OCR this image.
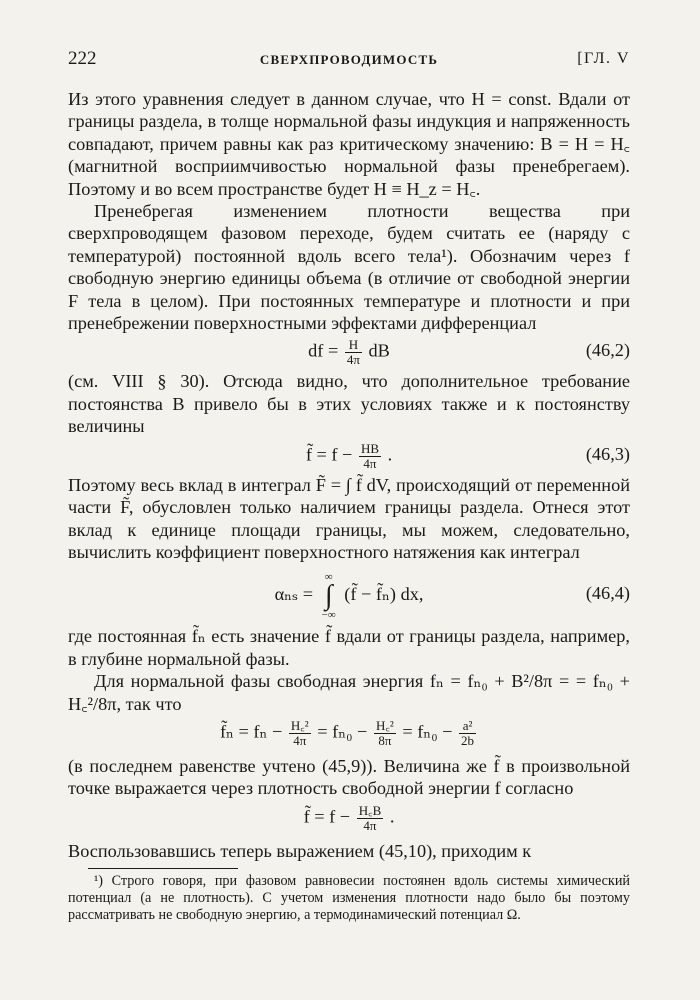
222	СВЕРХПРОВОДИМОСТЬ	[ГЛ. V

Из этого уравнения следует в данном случае, что H = const. Вдали от границы раздела, в толще нормальной фазы индукция и напряженность совпадают, причем равны как раз критическому значению: B = H = H꜀ (магнитной восприимчивостью нормальной фазы пренебрегаем). Поэтому и во всем пространстве будет H ≡ H_z = H꜀.

Пренебрегая изменением плотности вещества при сверхпроводящем фазовом переходе, будем считать ее (наряду с температурой) постоянной вдоль всего тела¹). Обозначим через f свободную энергию единицы объема (в отличие от свободной энергии F тела в целом). При постоянных температуре и плотности и при пренебрежении поверхностными эффектами дифференциал

df = $\frac{H}{4\pi}$ dB	(46,2)

(см. VIII § 30). Отсюда видно, что дополнительное требование постоянства B привело бы в этих условиях также и к постоянству величины

f̃ = $f - \frac{HB}{4\pi}$ .	(46,3)

Поэтому весь вклад в интеграл F̃ = ∫ f̃ dV, происходящий от переменной части F̃, обусловлен только наличием границы раздела. Отнеся этот вклад к единице площади границы, мы можем, следовательно, вычислить коэффициент поверхностного натяжения как интеграл

αₙₛ = ∞
∫
−∞ (f̃ − f̃ₙ) dx,	(46,4)

где постоянная f̃ₙ есть значение f̃ вдали от границы раздела, например, в глубине нормальной фазы.

Для нормальной фазы свободная энергия fₙ = fₙ₀ + B²/8π = = fₙ₀ + H꜀²/8π, так что

f̃ₙ = $f_n - \frac{\text{H꜀²}}{4\pi} = f_{n0} - \frac{\text{H꜀²}}{8\pi} = f_{n0} - \frac{\text{a²}}{2b}$

(в последнем равенстве учтено (45,9)). Величина же f̃ в произвольной точке выражается через плотность свободной энергии f согласно

f̃ = $f - \frac{H꜀B}{4\pi}$ .

Воспользовавшись теперь выражением (45,10), приходим к

¹) Строго говоря, при фазовом равновесии постоянен вдоль системы химический потенциал (а не плотность). С учетом изменения плотности надо было бы поэтому рассматривать не свободную энергию, а термодинамический потенциал Ω.
